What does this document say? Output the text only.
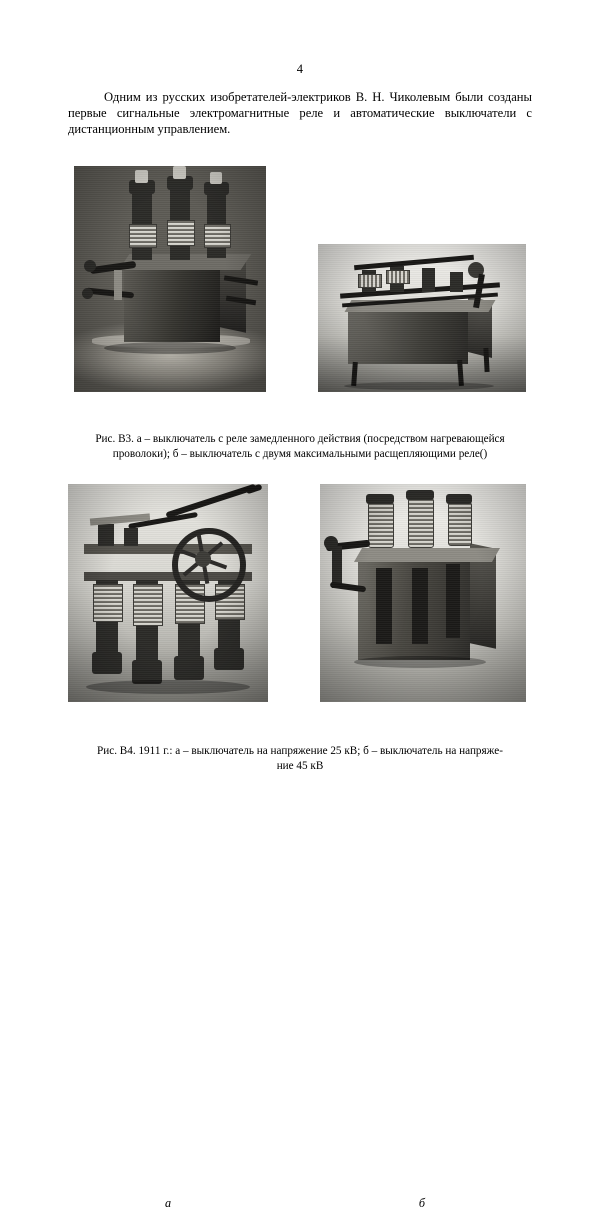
4
Одним из русских изобретателей-электриков В. Н. Чиколевым были созданы первые сигнальные электромагнитные реле и автоматические выключатели с дистанционным управлением.
Рис. В3. а – выключатель с реле замедленного действия (посредством нагревающейся
проволоки); б – выключатель с двумя максимальными расщепляющими реле()
а	б
Рис. В4. 1911 г.: а – выключатель на напряжение 25 кВ; б – выключатель на напряже-
ние 45 кВ
